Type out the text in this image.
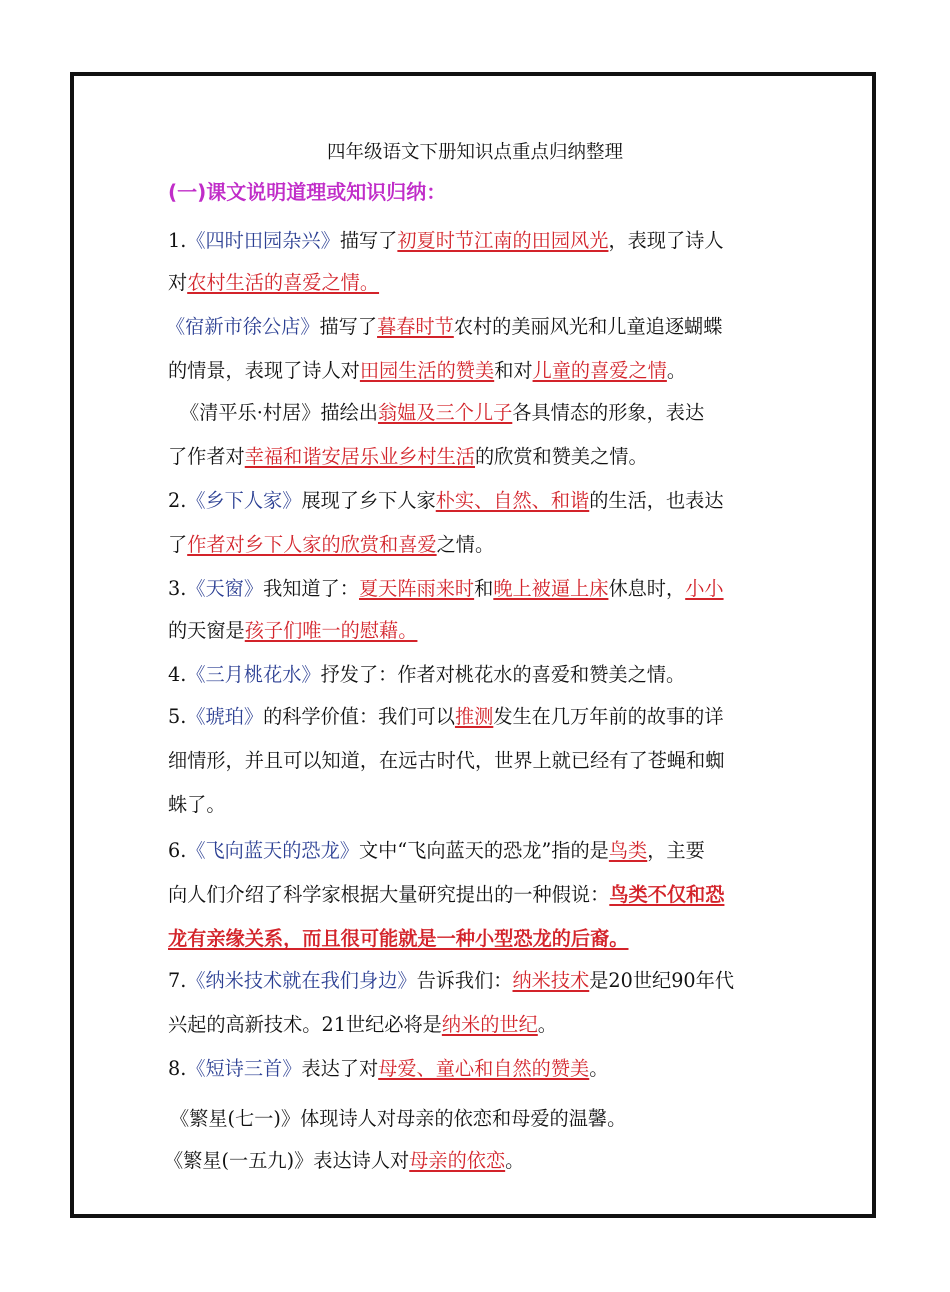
四年级语文下册知识点重点归纳整理
(一)课文说明道理或知识归纳：
1.《四时田园杂兴》描写了初夏时节江南的田园风光，表现了诗人
对农村生活的喜爱之情。
《宿新市徐公店》描写了暮春时节农村的美丽风光和儿童追逐蝴蝶
的情景，表现了诗人对田园生活的赞美和对儿童的喜爱之情。
《清平乐·村居》描绘出翁媪及三个儿子各具情态的形象，表达
了作者对幸福和谐安居乐业乡村生活的欣赏和赞美之情。
2.《乡下人家》展现了乡下人家朴实、自然、和谐的生活，也表达
了作者对乡下人家的欣赏和喜爱之情。
3.《天窗》我知道了：夏天阵雨来时和晚上被逼上床休息时，小小
的天窗是孩子们唯一的慰藉。
4.《三月桃花水》抒发了：作者对桃花水的喜爱和赞美之情。
5.《琥珀》的科学价值：我们可以推测发生在几万年前的故事的详
细情形，并且可以知道，在远古时代，世界上就已经有了苍蝇和蜘
蛛了。
6.《飞向蓝天的恐龙》文中“飞向蓝天的恐龙”指的是鸟类，主要
向人们介绍了科学家根据大量研究提出的一种假说：鸟类不仅和恐
龙有亲缘关系，而且很可能就是一种小型恐龙的后裔。
7.《纳米技术就在我们身边》告诉我们：纳米技术是20世纪90年代
兴起的高新技术。21世纪必将是纳米的世纪。
8.《短诗三首》表达了对母爱、童心和自然的赞美。
《繁星(七一)》体现诗人对母亲的依恋和母爱的温馨。
《繁星(一五九)》表达诗人对母亲的依恋。
